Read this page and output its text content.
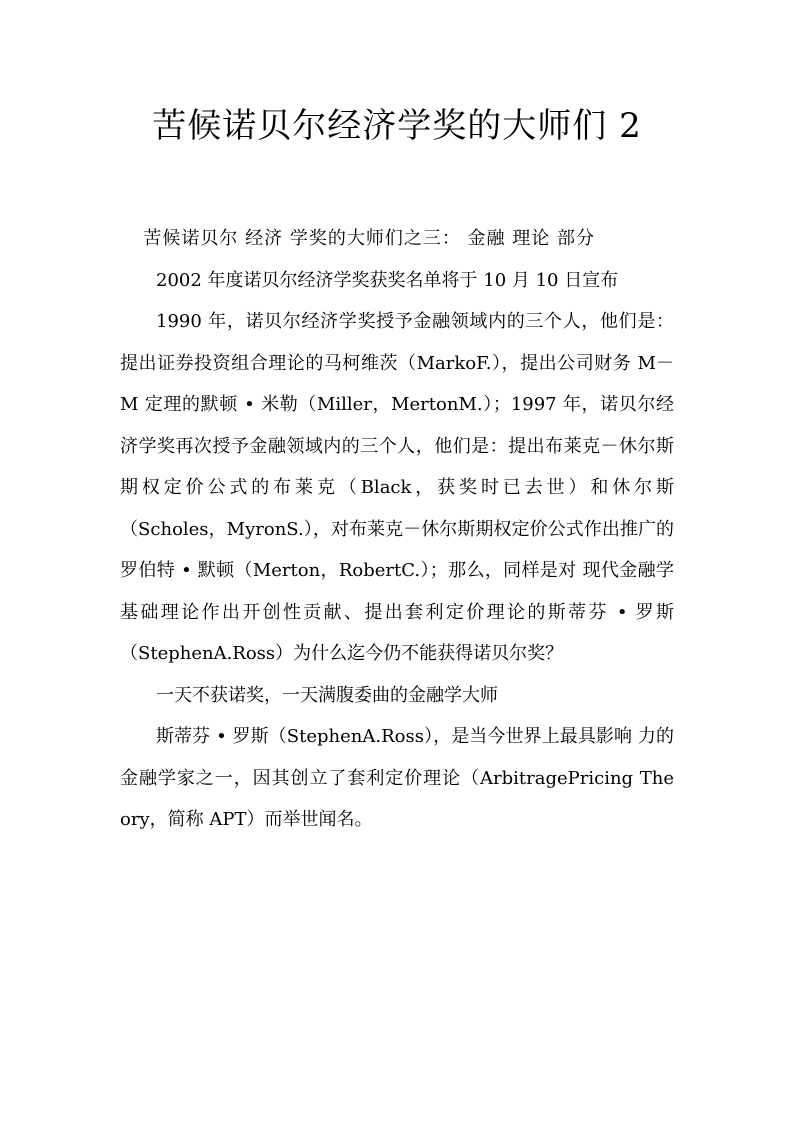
苦候诺贝尔经济学奖的大师们 2

苦候诺贝尔 经济 学奖的大师们之三： 金融 理论 部分

2002 年度诺贝尔经济学奖获奖名单将于 10 月 10 日宣布

1990 年，诺贝尔经济学奖授予金融领域内的三个人，他们是：提出证券投资组合理论的马柯维茨（MarkoF.），提出公司财务 M－M 定理的默顿 • 米勒（Miller，MertonM.）；1997 年，诺贝尔经济学奖再次授予金融领域内的三个人，他们是：提出布莱克－休尔斯期权定价公式的布莱克（Black，获奖时已去世）和休尔斯（Scholes，MyronS.），对布莱克－休尔斯期权定价公式作出推广的罗伯特 • 默顿（Merton，RobertC.）；那么，同样是对 现代金融学基础理论作出开创性贡献、提出套利定价理论的斯蒂芬 • 罗斯（StephenA.Ross）为什么迄今仍不能获得诺贝尔奖？

一天不获诺奖，一天满腹委曲的金融学大师

斯蒂芬 • 罗斯（StephenA.Ross），是当今世界上最具影响 力的金融学家之一，因其创立了套利定价理论（ArbitragePricing The ory，简称 APT）而举世闻名。
